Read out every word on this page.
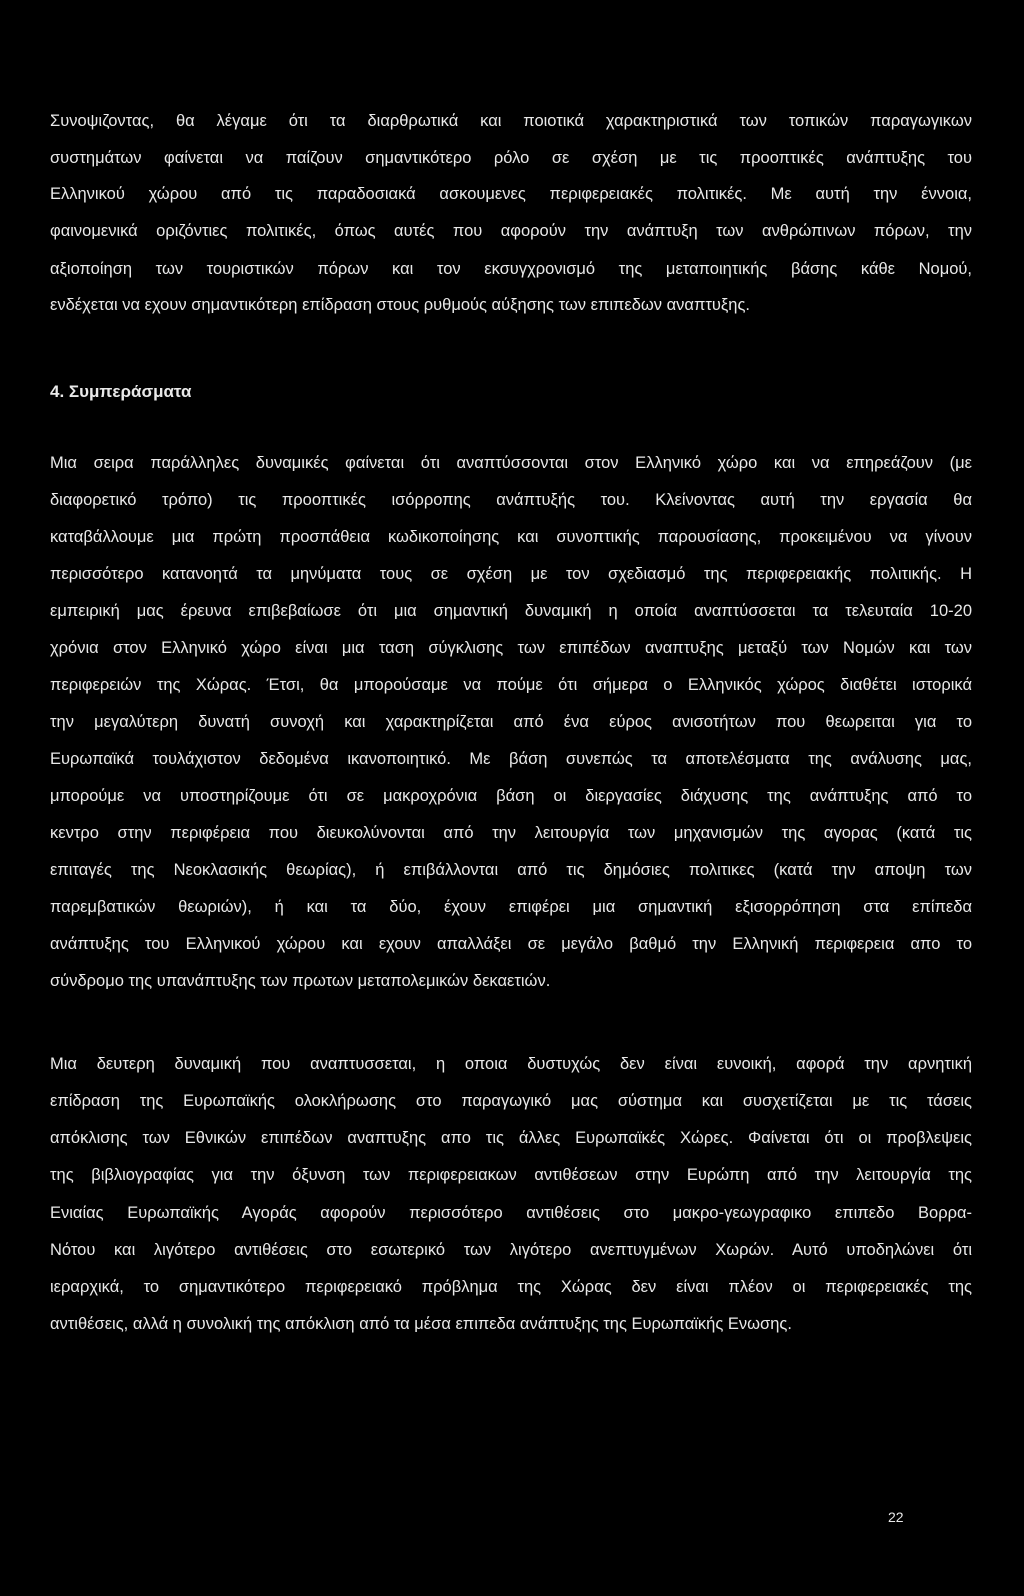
Συνοψιζοντας, θα λέγαμε ότι τα διαρθρωτικά και ποιοτικά χαρακτηριστικά των τοπικών παραγωγικων
συστημάτων φαίνεται να παίζουν σημαντικότερο ρόλο σε σχέση με τις προοπτικές ανάπτυξης του
Ελληνικού χώρου από τις παραδοσιακά ασκουμενες περιφερειακές πολιτικές. Με αυτή την έννοια,
φαινομενικά οριζόντιες πολιτικές, όπως αυτές που αφορούν την ανάπτυξη των ανθρώπινων πόρων, την
αξιοποίηση των τουριστικών πόρων και τον εκσυγχρονισμό της μεταποιητικής βάσης κάθε Νομού,
ενδέχεται να εχουν σημαντικότερη επίδραση στους ρυθμούς αύξησης των επιπεδων αναπτυξης.
4. Συμπεράσματα
Μια σειρα παράλληλες δυναμικές φαίνεται ότι αναπτύσσονται στον Ελληνικό χώρο και να επηρεάζουν (με
διαφορετικό τρόπο) τις προοπτικές ισόρροπης ανάπτυξής του. Κλείνοντας αυτή την εργασία θα
καταβάλλουμε μια πρώτη προσπάθεια κωδικοποίησης και συνοπτικής παρουσίασης, προκειμένου να γίνουν
περισσότερο κατανοητά τα μηνύματα τους σε σχέση με τον σχεδιασμό της περιφερειακής πολιτικής. Η
εμπειρική μας έρευνα επιβεβαίωσε ότι μια σημαντική δυναμική η οποία αναπτύσσεται τα τελευταία 10-20
χρόνια στον Ελληνικό χώρο είναι μια ταση σύγκλισης των επιπέδων αναπτυξης μεταξύ των Νομών και των
περιφερειών της Χώρας. Έτσι, θα μπορούσαμε να πούμε ότι σήμερα ο Ελληνικός χώρος διαθέτει ιστορικά
την μεγαλύτερη δυνατή συνοχή και χαρακτηρίζεται από ένα εύρος ανισοτήτων που θεωρειται για το
Ευρωπαϊκά τουλάχιστον δεδομένα ικανοποιητικό. Με βάση συνεπώς τα αποτελέσματα της ανάλυσης μας,
μπορούμε να υποστηρίζουμε ότι σε μακροχρόνια βάση οι διεργασίες διάχυσης της ανάπτυξης από το
κεντρο στην περιφέρεια που διευκολύνονται από την λειτουργία των μηχανισμών της αγορας (κατά τις
επιταγές της Νεοκλασικής θεωρίας), ή επιβάλλονται από τις δημόσιες πολιτικες (κατά την αποψη των
παρεμβατικών θεωριών), ή και τα δύο, έχουν επιφέρει μια σημαντική εξισορρόπηση στα επίπεδα
ανάπτυξης του Ελληνικού χώρου και εχουν απαλλάξει σε μεγάλο βαθμό την Ελληνική περιφερεια απο το
σύνδρομο της υπανάπτυξης των πρωτων μεταπολεμικών δεκαετιών.
Μια δευτερη δυναμική που αναπτυσσεται, η οποια δυστυχώς δεν είναι ευνοική, αφορά την αρνητική
επίδραση της Ευρωπαϊκής ολοκλήρωσης στο παραγωγικό μας σύστημα και συσχετίζεται με τις τάσεις
απόκλισης των Εθνικών επιπέδων αναπτυξης απο τις άλλες Ευρωπαϊκές Χώρες. Φαίνεται ότι οι προβλεψεις
της βιβλιογραφίας για την όξυνση των περιφερειακων αντιθέσεων στην Ευρώπη από την λειτουργία της
Ενιαίας Ευρωπαϊκής Αγοράς αφορούν περισσότερο αντιθέσεις στο μακρο-γεωγραφικο επιπεδο Βορρα-
Νότου και λιγότερο αντιθέσεις στο εσωτερικό των λιγότερο ανεπτυγμένων Χωρών. Αυτό υποδηλώνει ότι
ιεραρχικά, το σημαντικότερο περιφερειακό πρόβλημα της Χώρας δεν είναι πλέον οι περιφερειακές της
αντιθέσεις, αλλά η συνολική της απόκλιση από τα μέσα επιπεδα ανάπτυξης της Ευρωπαϊκής Ενωσης.
22
